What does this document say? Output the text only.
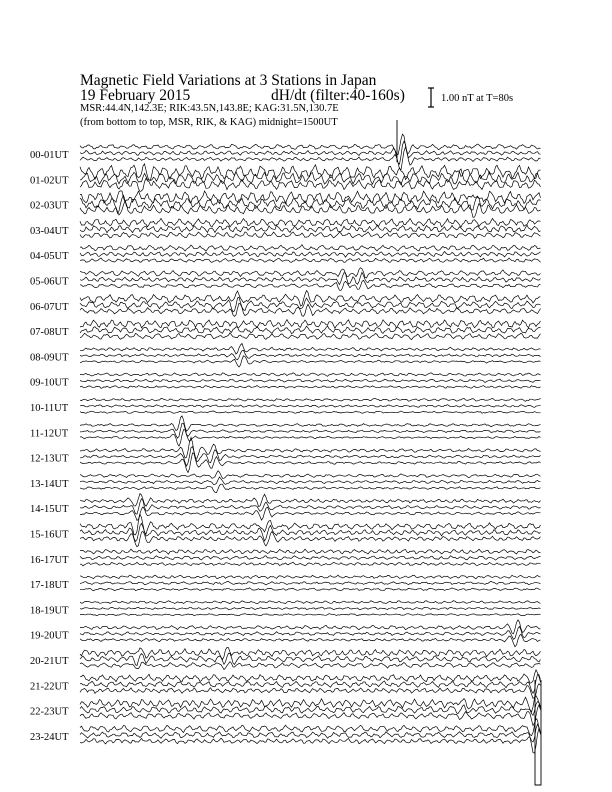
Magnetic Field Variations at 3 Stations in Japan
19 February 2015	dH/dt (filter:40-160s)
MSR:44.4N,142.3E; RIK:43.5N,143.8E; KAG:31.5N,130.7E
(from bottom to top, MSR, RIK, & KAG) midnight=1500UT
1.00 nT at T=80s
00-01UT
01-02UT
02-03UT
03-04UT
04-05UT
05-06UT
06-07UT
07-08UT
08-09UT
09-10UT
10-11UT
11-12UT
12-13UT
13-14UT
14-15UT
15-16UT
16-17UT
17-18UT
18-19UT
19-20UT
20-21UT
21-22UT
22-23UT
23-24UT
